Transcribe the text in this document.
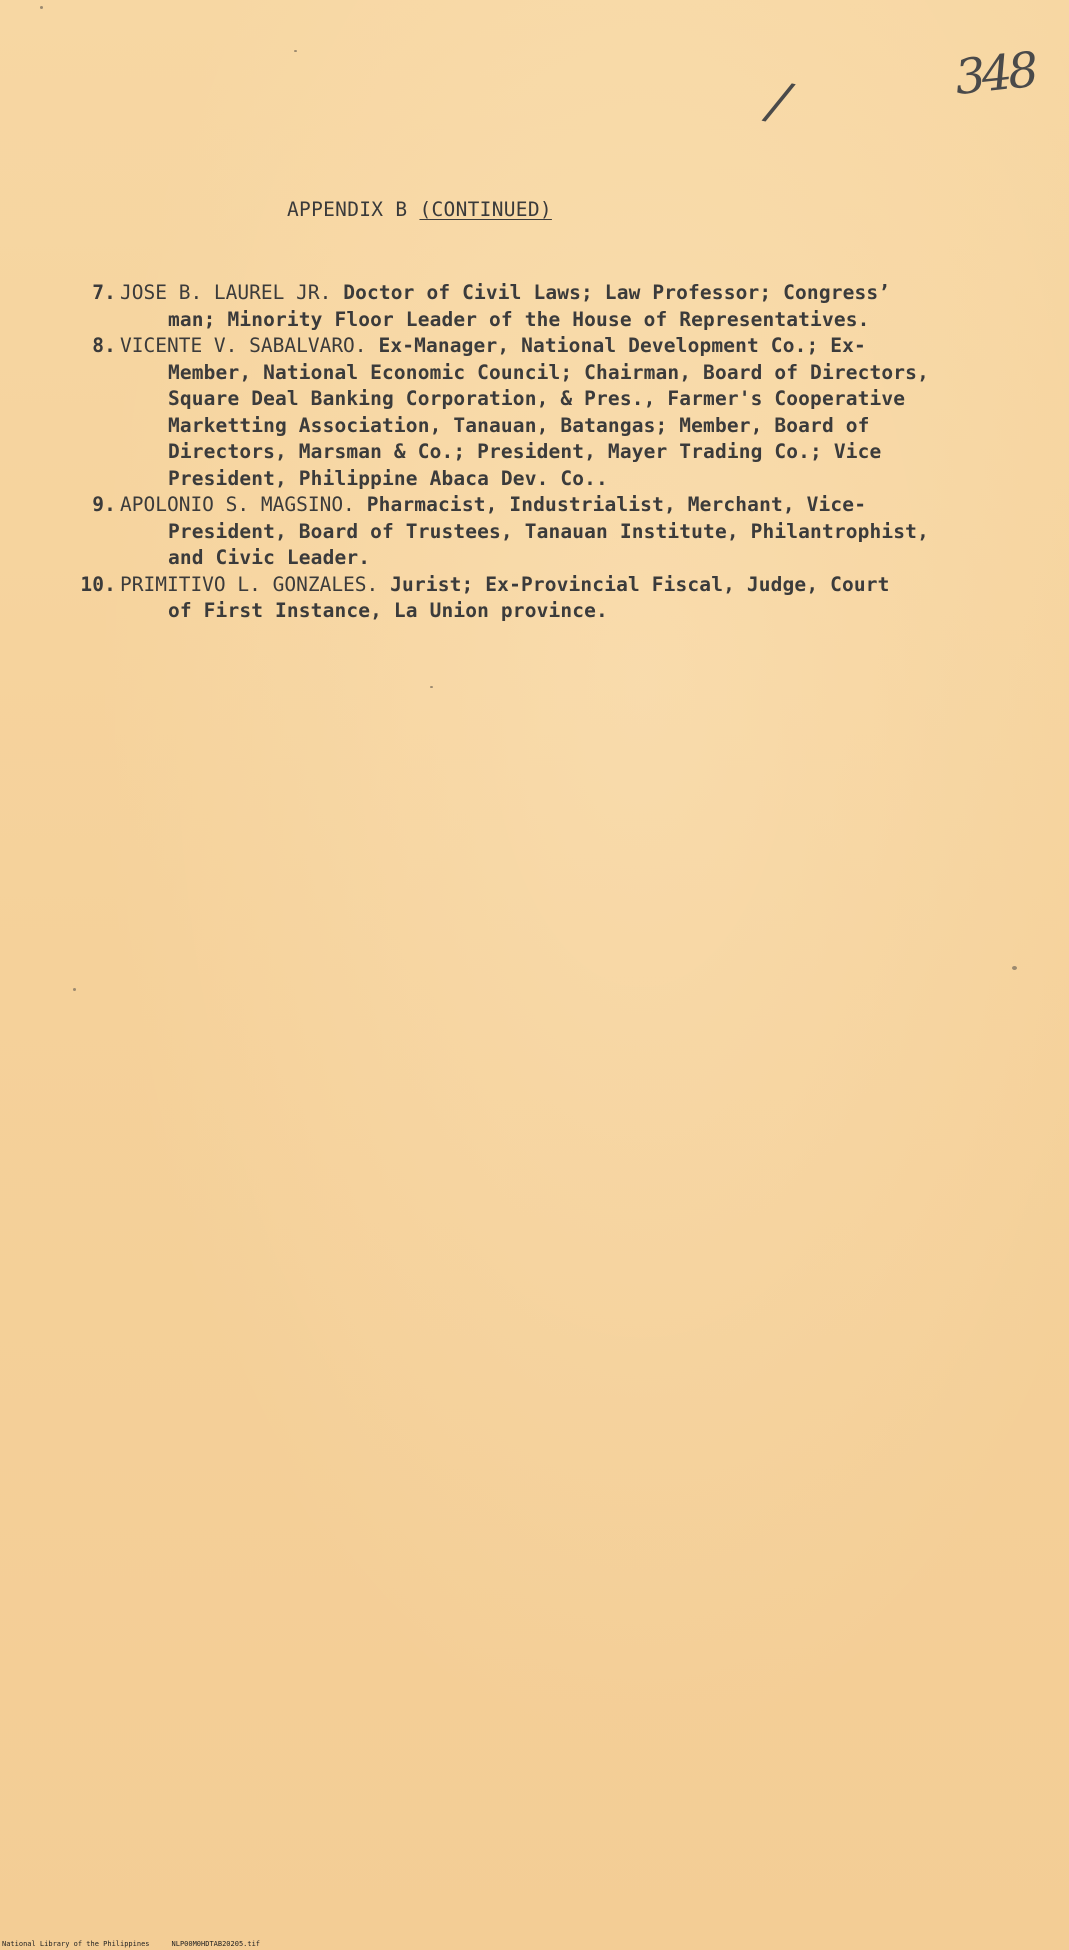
/	348
APPENDIX B (CONTINUED)
7. JOSE B. LAUREL JR. Doctor of Civil Laws; Law Professor; Congress’
man; Minority Floor Leader of the House of Representatives.
8. VICENTE V. SABALVARO. Ex-Manager, National Development Co.; Ex-
Member, National Economic Council; Chairman, Board of Directors,
Square Deal Banking Corporation, & Pres., Farmer's Cooperative
Marketting Association, Tanauan, Batangas; Member, Board of
Directors, Marsman & Co.; President, Mayer Trading Co.; Vice
President, Philippine Abaca Dev. Co..
9. APOLONIO S. MAGSINO. Pharmacist, Industrialist, Merchant, Vice-
President, Board of Trustees, Tanauan Institute, Philantrophist,
and Civic Leader.
10. PRIMITIVO L. GONZALES. Jurist; Ex-Provincial Fiscal, Judge, Court
of First Instance, La Union province.
National Library of the Philippines	NLP00M0HDTAB20205.tif
